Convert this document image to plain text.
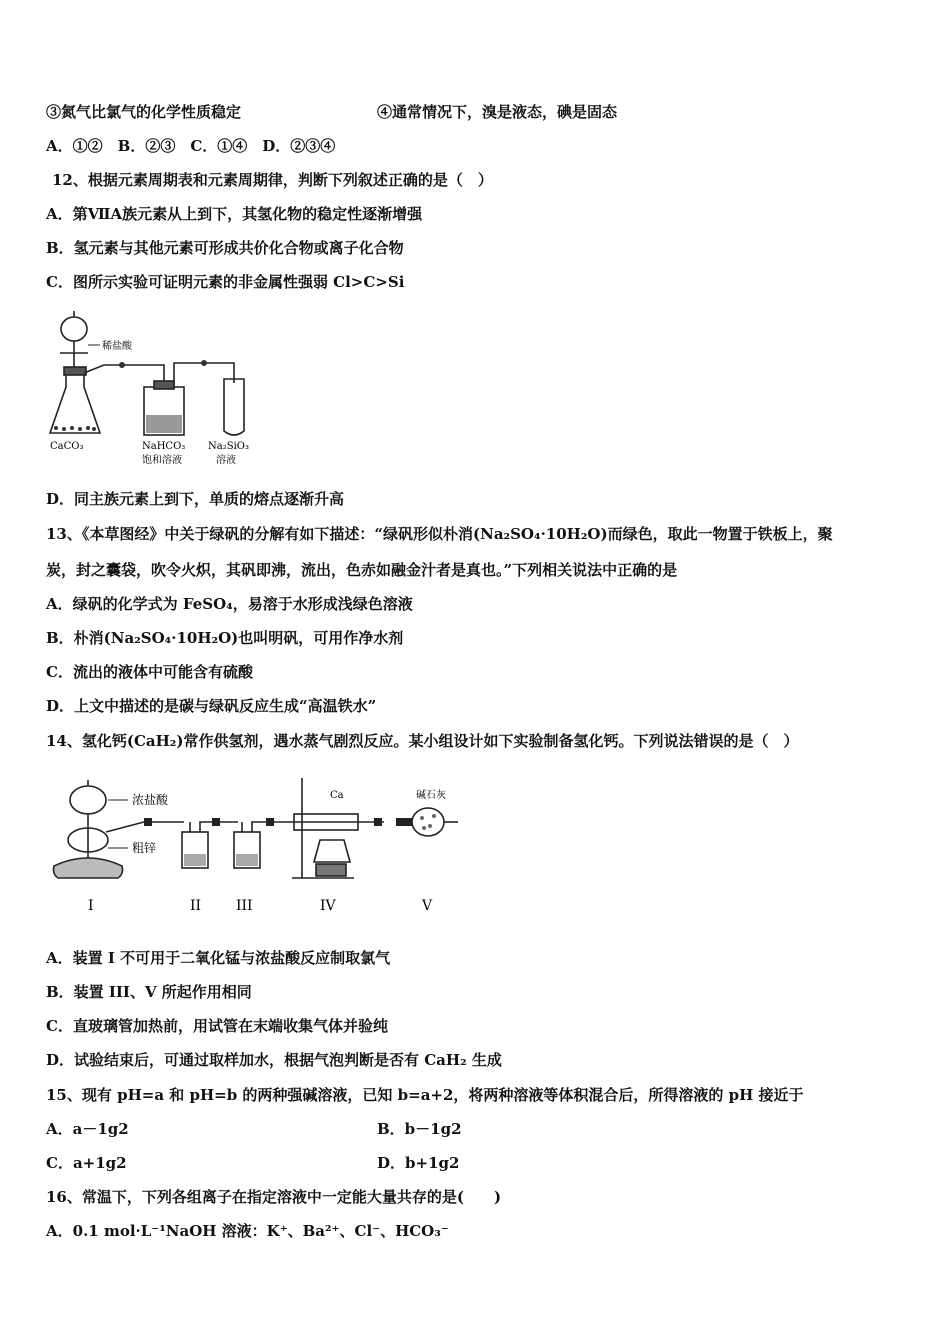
③氮气比氯气的化学性质稳定	④通常情况下，溴是液态，碘是固态
A．①②　B．②③　C．①④　D．②③④
12、根据元素周期表和元素周期律，判断下列叙述正确的是（　）
A．第ⅦA族元素从上到下，其氢化物的稳定性逐渐增强
B．氢元素与其他元素可形成共价化合物或离子化合物
C．图所示实验可证明元素的非金属性强弱 Cl>C>Si
稀盐酸
CaCO₃	NaHCO₃
饱和溶液
Na₂SiO₃
溶液
D．同主族元素上到下，单质的熔点逐渐升高
13、《本草图经》中关于绿矾的分解有如下描述：“绿矾形似朴消(Na₂SO₄·10H₂O)而绿色，取此一物置于铁板上，聚
炭，封之囊袋，吹令火炽，其矾即沸，流出，色赤如融金汁者是真也。”下列相关说法中正确的是
A．绿矾的化学式为 FeSO₄，易溶于水形成浅绿色溶液
B．朴消(Na₂SO₄·10H₂O)也叫明矾，可用作净水剂
C．流出的液体中可能含有硫酸
D．上文中描述的是碳与绿矾反应生成“高温铁水”
14、氢化钙(CaH₂)常作供氢剂，遇水蒸气剧烈反应。某小组设计如下实验制备氢化钙。下列说法错误的是（　）
浓盐酸
粗锌
Ca	碱石灰
I	II III	IV	V
A．装置 I 不可用于二氧化锰与浓盐酸反应制取氯气
B．装置 III、V 所起作用相同
C．直玻璃管加热前，用试管在末端收集气体并验纯
D．试验结束后，可通过取样加水，根据气泡判断是否有 CaH₂ 生成
15、现有 pH=a 和 pH=b 的两种强碱溶液，已知 b=a+2，将两种溶液等体积混合后，所得溶液的 pH 接近于
A．a－1g2	B．b－1g2
C．a+1g2	D．b+1g2
16、常温下，下列各组离子在指定溶液中一定能大量共存的是(　　)
A．0.1 mol·L⁻¹NaOH 溶液：K⁺、Ba²⁺、Cl⁻、HCO₃⁻
